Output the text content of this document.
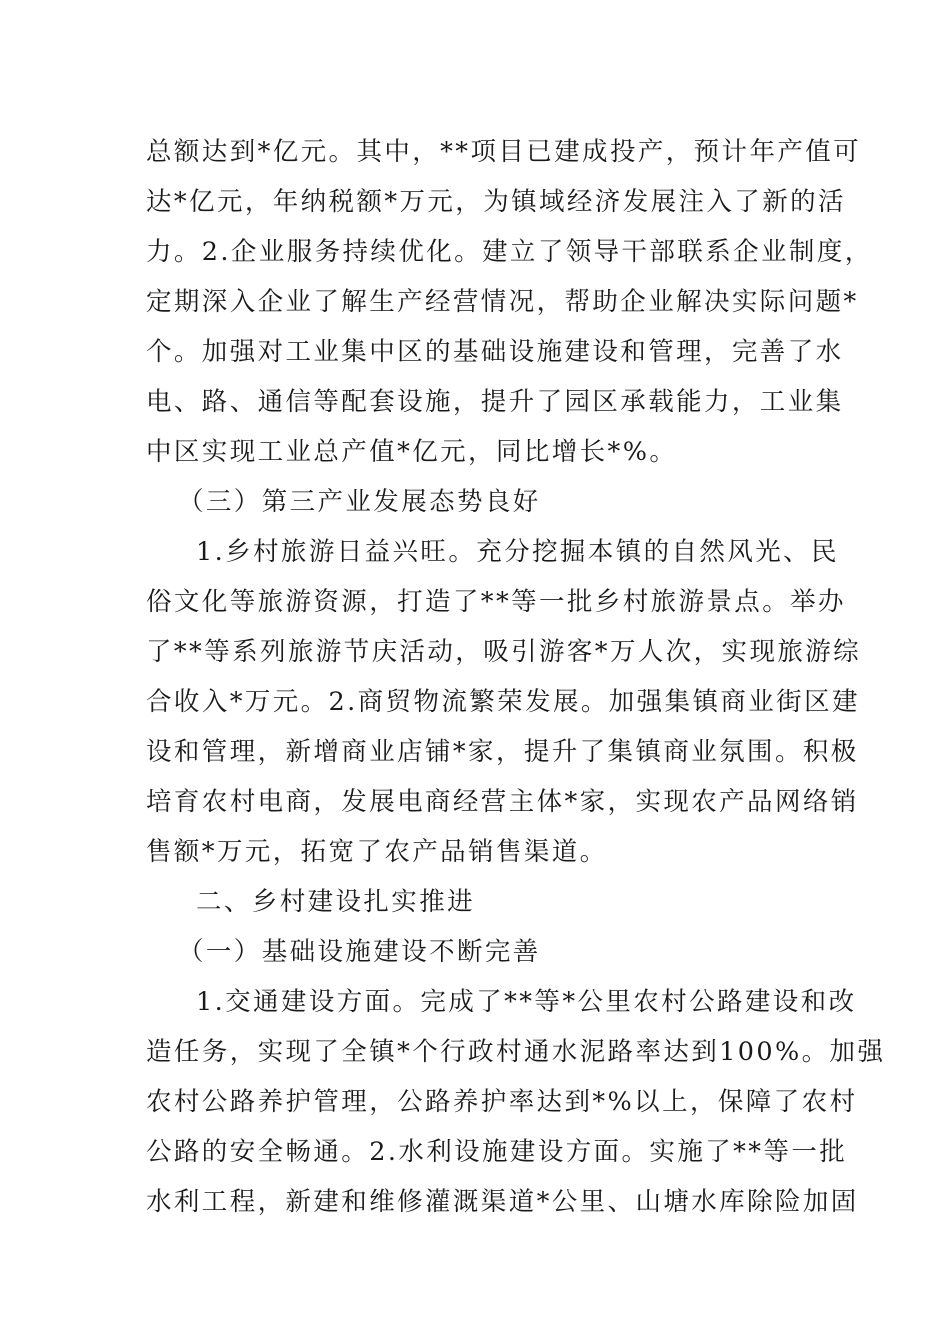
总额达到*亿元。其中，**项目已建成投产，预计年产值可
达*亿元，年纳税额*万元，为镇域经济发展注入了新的活
力。2.企业服务持续优化。建立了领导干部联系企业制度，
定期深入企业了解生产经营情况，帮助企业解决实际问题*
个。加强对工业集中区的基础设施建设和管理，完善了水
电、路、通信等配套设施，提升了园区承载能力，工业集
中区实现工业总产值*亿元，同比增长*%。
（三）第三产业发展态势良好
1.乡村旅游日益兴旺。充分挖掘本镇的自然风光、民
俗文化等旅游资源，打造了**等一批乡村旅游景点。举办
了**等系列旅游节庆活动，吸引游客*万人次，实现旅游综
合收入*万元。2.商贸物流繁荣发展。加强集镇商业街区建
设和管理，新增商业店铺*家，提升了集镇商业氛围。积极
培育农村电商，发展电商经营主体*家，实现农产品网络销
售额*万元，拓宽了农产品销售渠道。
二、乡村建设扎实推进
（一）基础设施建设不断完善
1.交通建设方面。完成了**等*公里农村公路建设和改
造任务，实现了全镇*个行政村通水泥路率达到100%。加强
农村公路养护管理，公路养护率达到*%以上，保障了农村
公路的安全畅通。2.水利设施建设方面。实施了**等一批
水利工程，新建和维修灌溉渠道*公里、山塘水库除险加固
